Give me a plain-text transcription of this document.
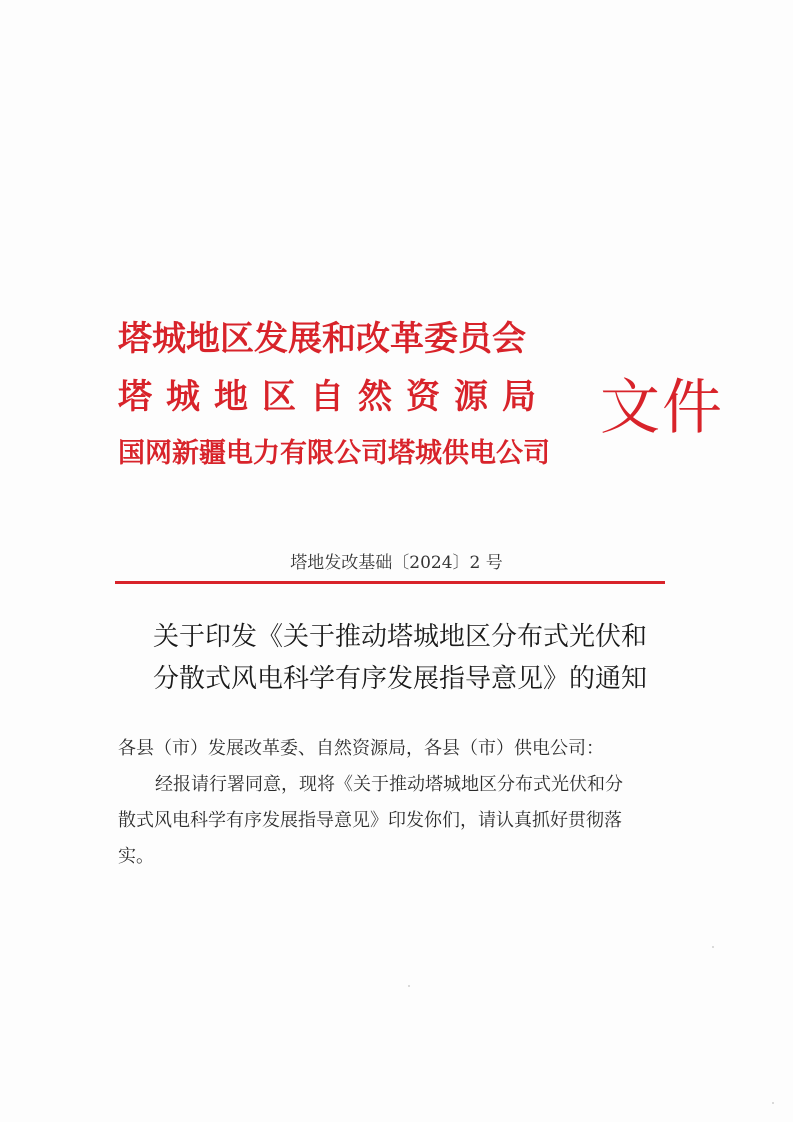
塔城地区发展和改革委员会
塔城地区自然资源局
国网新疆电力有限公司塔城供电公司
文件
塔地发改基础〔2024〕2 号
关于印发《关于推动塔城地区分布式光伏和
分散式风电科学有序发展指导意见》的通知
各县（市）发展改革委、自然资源局，各县（市）供电公司：
经报请行署同意，现将《关于推动塔城地区分布式光伏和分
散式风电科学有序发展指导意见》印发你们，请认真抓好贯彻落
实。
